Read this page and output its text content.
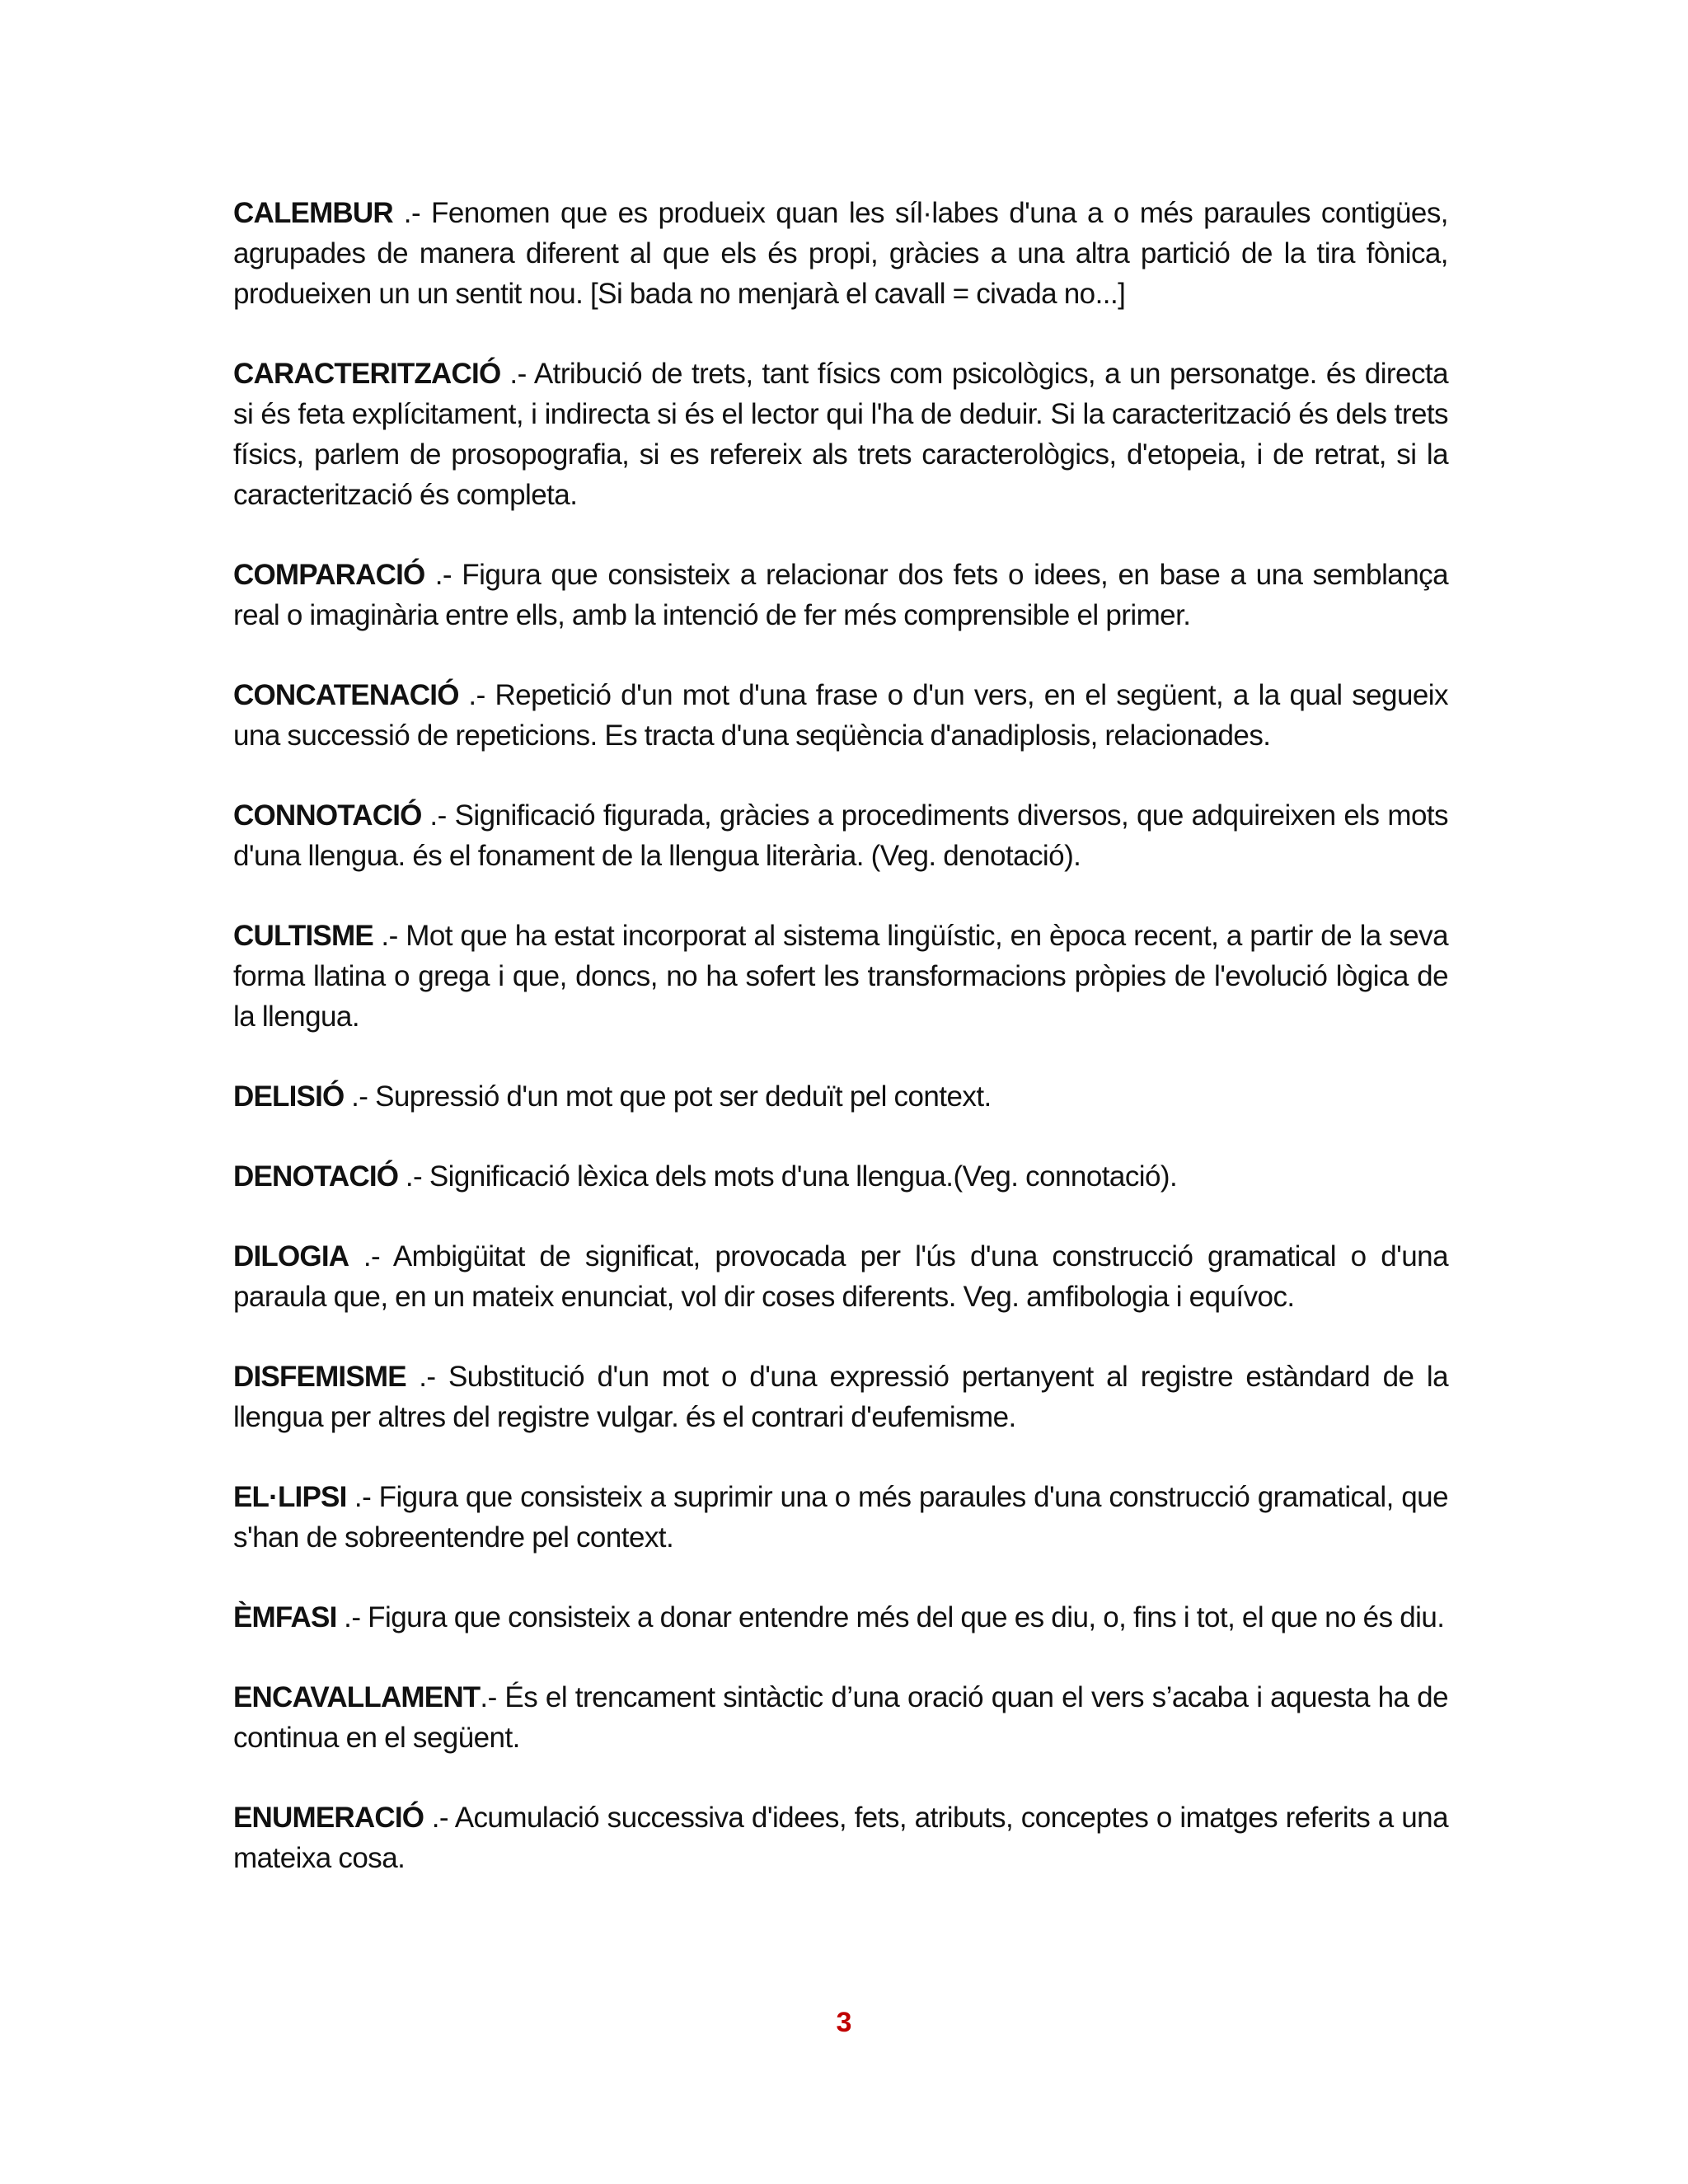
CALEMBUR .- Fenomen que es produeix quan les síl·labes d'una a o més paraules contigües, agrupades de manera diferent al que els és propi, gràcies a una altra partició de la tira fònica, produeixen un un sentit nou. [Si bada no menjarà el cavall = civada no...]

CARACTERITZACIÓ .- Atribució de trets, tant físics com psicològics, a un personatge. és directa si és feta explícitament, i indirecta si és el lector qui l'ha de deduir. Si la caracterització és dels trets físics, parlem de prosopografia, si es refereix als trets caracterològics, d'etopeia, i de retrat, si la caracterització és completa.

COMPARACIÓ .- Figura que consisteix a relacionar dos fets o idees, en base a una semblança real o imaginària entre ells, amb la intenció de fer més comprensible el primer.

CONCATENACIÓ .- Repetició d'un mot d'una frase o d'un vers, en el següent, a la qual segueix una successió de repeticions. Es tracta d'una seqüència d'anadiplosis, relacionades.

CONNOTACIÓ .- Significació figurada, gràcies a procediments diversos, que adquireixen els mots d'una llengua. és el fonament de la llengua literària. (Veg. denotació).

CULTISME .- Mot que ha estat incorporat al sistema lingüístic, en època recent, a partir de la seva forma llatina o grega i que, doncs, no ha sofert les transformacions pròpies de l'evolució lògica de la llengua.

DELISIÓ .- Supressió d'un mot que pot ser deduït pel context.

DENOTACIÓ .- Significació lèxica dels mots d'una llengua.(Veg. connotació).

DILOGIA .- Ambigüitat de significat, provocada per l'ús d'una construcció gramatical o d'una paraula que, en un mateix enunciat, vol dir coses diferents. Veg. amfibologia i equívoc.

DISFEMISME .- Substitució d'un mot o d'una expressió pertanyent al registre estàndard de la llengua per altres del registre vulgar. és el contrari d'eufemisme.

EL·LIPSI .- Figura que consisteix a suprimir una o més paraules d'una construcció gramatical, que s'han de sobreentendre pel context.

ÈMFASI .- Figura que consisteix a donar entendre més del que es diu, o, fins i tot, el que no és diu.

ENCAVALLAMENT.- És el trencament sintàctic d’una oració quan el vers s’acaba i aquesta ha de continua en el següent.

ENUMERACIÓ .- Acumulació successiva d'idees, fets, atributs, conceptes o imatges referits a una mateixa cosa.

3
